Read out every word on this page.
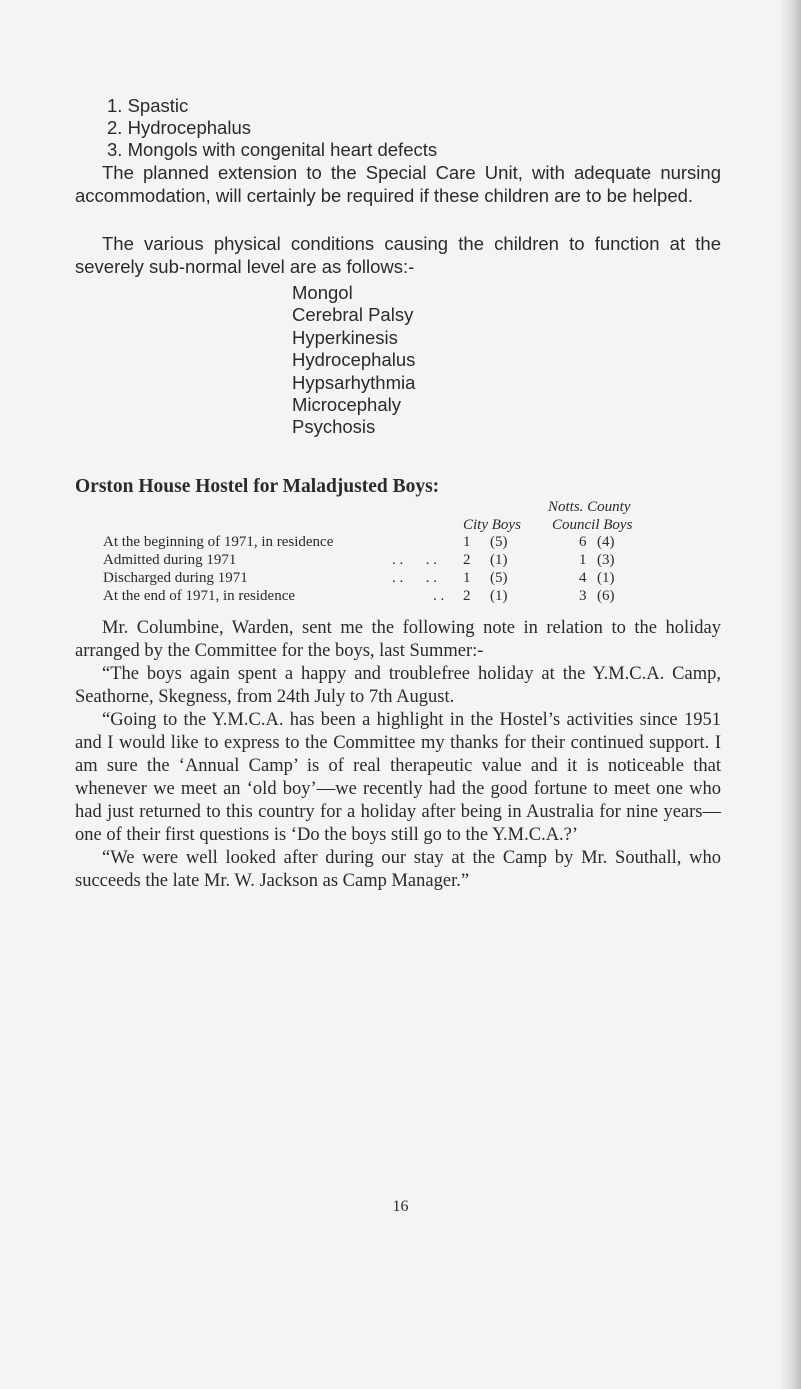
1. Spastic

2. Hydrocephalus

3. Mongols with congenital heart defects

The planned extension to the Special Care Unit, with adequate nursing accommodation, will certainly be required if these children are to be helped.

The various physical conditions causing the children to function at the severely sub-normal level are as follows:-

Mongol
Cerebral Palsy
Hyperkinesis
Hydrocephalus
Hypsarhythmia
Microcephaly
Psychosis
Orston House Hostel for Maladjusted Boys:
Notts. County
City Boys Council Boys
At the beginning of 1971, in residence	1 (5)	6 (4)
Admitted during 1971	. .      . . 2 (1)	1 (3)
Discharged during 1971	. .      . . 1 (5)	4 (1)
At the end of 1971, in residence	. . 2 (1)	3 (6)

Mr. Columbine, Warden, sent me the following note in relation to the holiday arranged by the Committee for the boys, last Summer:-

“The boys again spent a happy and troublefree holiday at the Y.M.C.A. Camp, Seathorne, Skegness, from 24th July to 7th August.

“Going to the Y.M.C.A. has been a highlight in the Hostel’s activities since 1951 and I would like to express to the Committee my thanks for their continued support. I am sure the ‘Annual Camp’ is of real therapeutic value and it is noticeable that whenever we meet an ‘old boy’—we recently had the good fortune to meet one who had just returned to this country for a holiday after being in Australia for nine years—one of their first questions is ‘Do the boys still go to the Y.M.C.A.?’

“We were well looked after during our stay at the Camp by Mr. Southall, who succeeds the late Mr. W. Jackson as Camp Manager.”

16
